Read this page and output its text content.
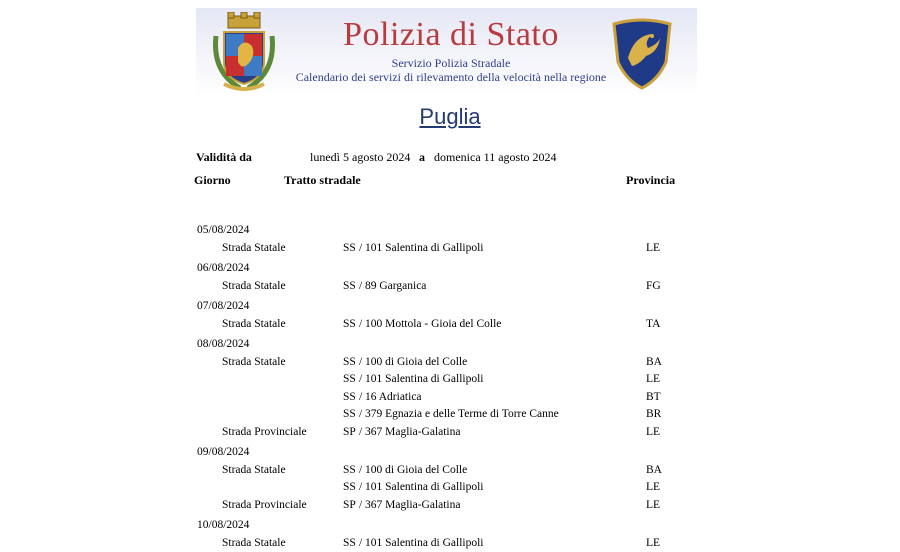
Polizia di Stato
Servizio Polizia Stradale
Calendario dei servizi di rilevamento della velocità nella regione
Puglia
Validità da	lunedì 5 agosto 2024 a domenica 11 agosto 2024
Giorno	Tratto stradale	Provincia
05/08/2024
Strada Statale	SS / 101 Salentina di Gallipoli	LE
06/08/2024
Strada Statale	SS / 89 Garganica	FG
07/08/2024
Strada Statale	SS / 100 Mottola - Gioia del Colle	TA
08/08/2024
Strada Statale	SS / 100 di Gioia del Colle	BA
SS / 101 Salentina di Gallipoli	LE
SS / 16 Adriatica	BT
SS / 379 Egnazia e delle Terme di Torre Canne	BR
Strada Provinciale	SP / 367 Maglia-Galatina	LE
09/08/2024
Strada Statale	SS / 100 di Gioia del Colle	BA
SS / 101 Salentina di Gallipoli	LE
Strada Provinciale	SP / 367 Maglia-Galatina	LE
10/08/2024
Strada Statale	SS / 101 Salentina di Gallipoli	LE
